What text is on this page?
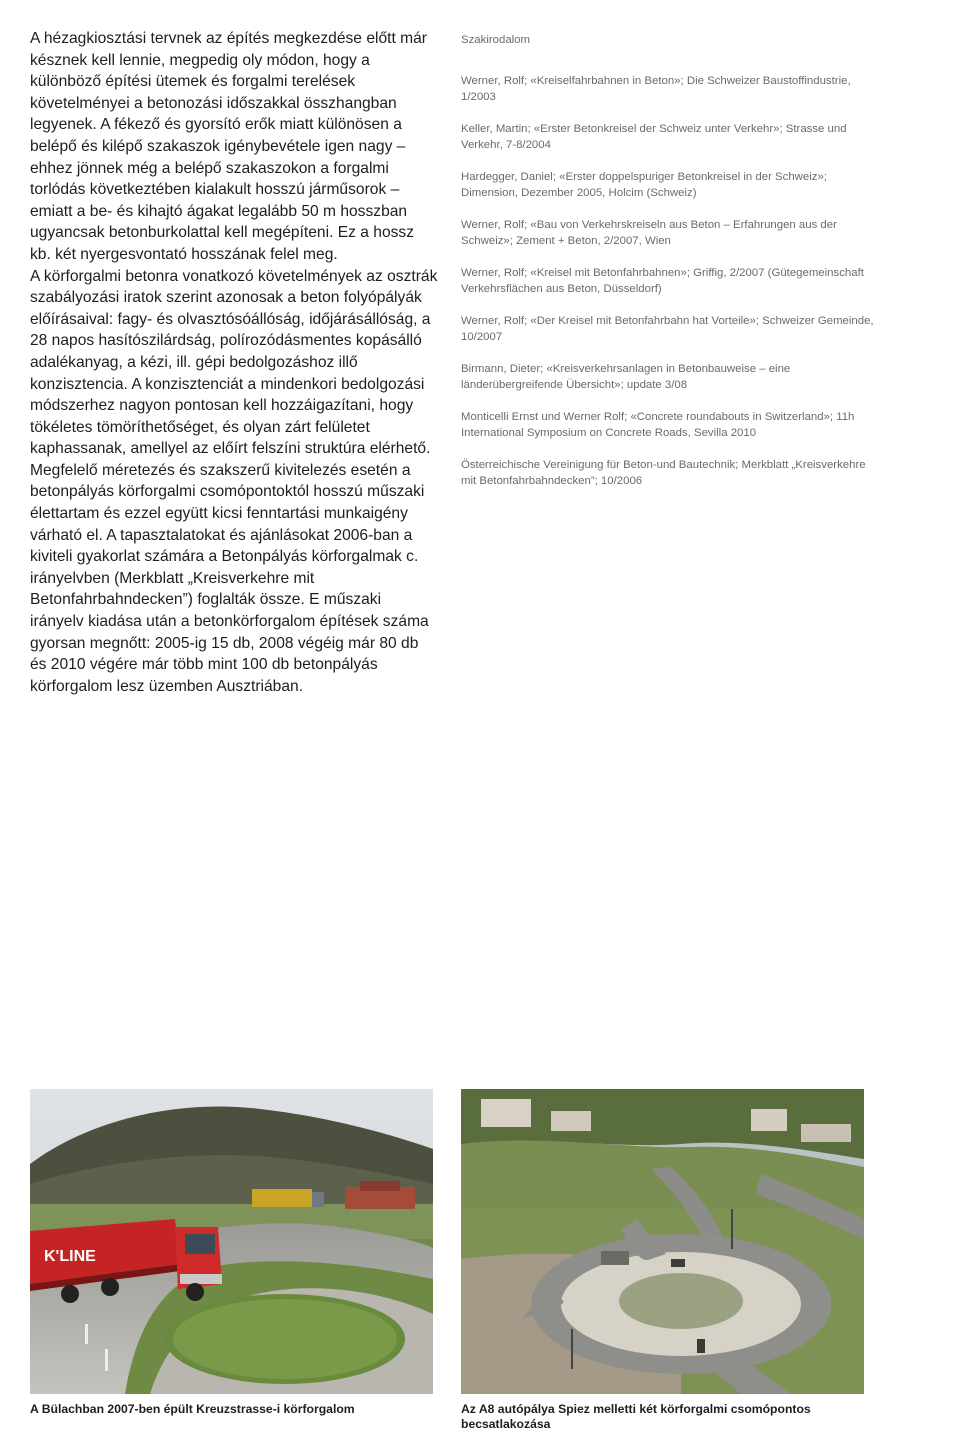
A hézagkiosztási tervnek az építés megkezdése előtt már késznek kell lennie, megpedig oly módon, hogy a különböző építési ütemek és forgalmi terelések követelményei a betonozási időszakkal összhangban legyenek. A fékező és gyorsító erők miatt különösen a belépő és kilépő szakaszok igénybevétele igen nagy – ehhez jönnek még a belépő szakaszokon a forgalmi torlódás következtében kialakult hosszú járműsorok – emiatt a be- és kihajtó ágakat legalább 50 m hosszban ugyancsak betonburkolattal kell megépíteni. Ez a hossz kb. két nyergesvontató hosszának felel meg.

A körforgalmi betonra vonatkozó követelmények az osztrák szabályozási iratok szerint azonosak a beton folyópályák előírásaival: fagy- és olvasztósóállóság, időjárásállóság, a 28 napos hasítószilárdság, polírozódásmentes kopásálló adalékanyag, a kézi, ill. gépi bedolgozáshoz illő konzisztencia. A konzisztenciát a mindenkori bedolgozási módszerhez nagyon pontosan kell hozzáigazítani, hogy tökéletes tömöríthetőséget, és olyan zárt felületet kaphassanak, amellyel az előírt felszíni struktúra elérhető.

Megfelelő méretezés és szakszerű kivitelezés esetén a betonpályás körforgalmi csomópontoktól hosszú műszaki élettartam és ezzel együtt kicsi fenntartási munkaigény várható el. A tapasztalatokat és ajánlásokat 2006-ban a kiviteli gyakorlat számára a Betonpályás körforgalmak c. irányelvben (Merkblatt „Kreisverkehre mit Betonfahrbahndecken”) foglalták össze. E műszaki irányelv kiadása után a betonkörforgalom építések száma gyorsan megnőtt: 2005-ig 15 db, 2008 végéig már 80 db és 2010 végére már több mint 100 db betonpályás körforgalom lesz üzemben Ausztriában.

Szakirodalom

Werner, Rolf; «Kreiselfahrbahnen in Beton»; Die Schweizer Baustoffindustrie, 1/2003

Keller, Martin; «Erster Betonkreisel der Schweiz unter Verkehr»; Strasse und Verkehr, 7-8/2004

Hardegger, Daniel; «Erster doppelspuriger Betonkreisel in der Schweiz»; Dimension, Dezember 2005, Holcim (Schweiz)

Werner, Rolf; «Bau von Verkehrskreiseln aus Beton – Erfahrungen aus der Schweiz»; Zement + Beton, 2/2007, Wien

Werner, Rolf; «Kreisel mit Betonfahrbahnen»; Griffig, 2/2007 (Gütegemeinschaft Verkehrsflächen aus Beton, Düsseldorf)

Werner, Rolf; «Der Kreisel mit Betonfahrbahn hat Vorteile»; Schweizer Gemeinde, 10/2007

Birmann, Dieter; «Kreisverkehrsanlagen in Betonbauweise – eine länderübergreifende Übersicht»; update 3/08

Monticelli Ernst und Werner Rolf; «Concrete roundabouts in Switzerland»; 11h International Symposium on Concrete Roads, Sevilla 2010

Österreichische Vereinigung für Beton-und Bautechnik; Merkblatt „Kreisverkehre mit Betonfahrbahndecken”; 10/2006

K'LINE
A Bülachban 2007-ben épült Kreuzstrasse-i körforgalom	Az A8 autópálya Spiez melletti két körforgalmi csomópontos becsatlakozása
